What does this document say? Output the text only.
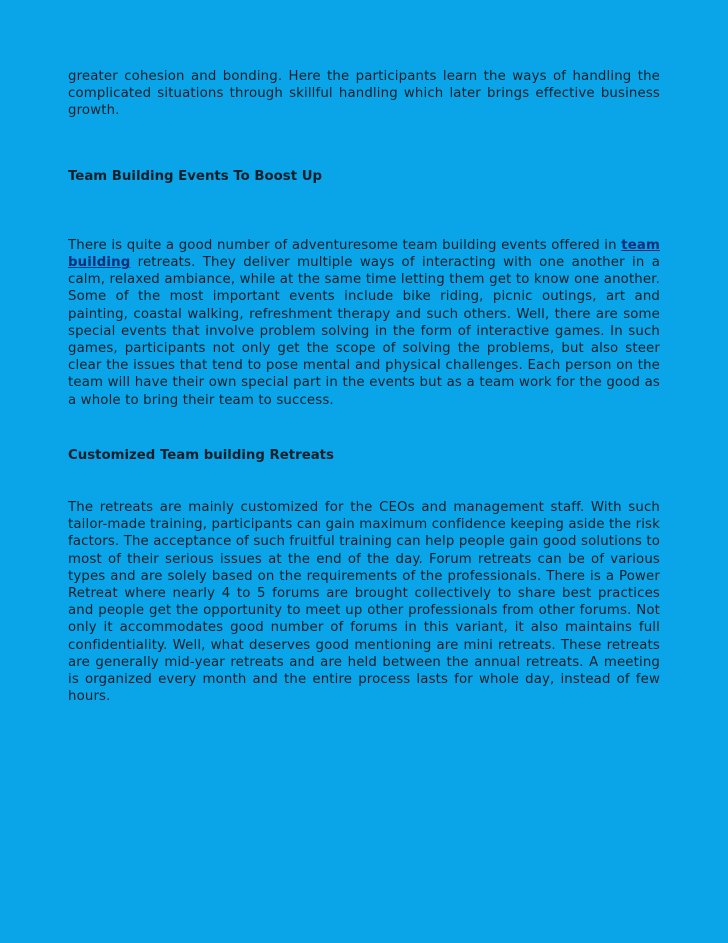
greater cohesion and bonding. Here the participants learn the ways of handling the complicated situations through skillful handling which later brings effective business growth.

Team Building Events To Boost Up

There is quite a good number of adventuresome team building events offered in team building retreats. They deliver multiple ways of interacting with one another in a calm, relaxed ambiance, while at the same time letting them get to know one another. Some of the most important events include bike riding, picnic outings, art and painting, coastal walking, refreshment therapy and such others. Well, there are some special events that involve problem solving in the form of interactive games. In such games, participants not only get the scope of solving the problems, but also steer clear the issues that tend to pose mental and physical challenges. Each person on the team will have their own special part in the events but as a team work for the good as a whole to bring their team to success.

Customized Team building Retreats

The retreats are mainly customized for the CEOs and management staff. With such tailor-made training, participants can gain maximum confidence keeping aside the risk factors. The acceptance of such fruitful training can help people gain good solutions to most of their serious issues at the end of the day. Forum retreats can be of various types and are solely based on the requirements of the professionals. There is a Power Retreat where nearly 4 to 5 forums are brought collectively to share best practices and people get the opportunity to meet up other professionals from other forums. Not only it accommodates good number of forums in this variant, it also maintains full confidentiality. Well, what deserves good mentioning are mini retreats. These retreats are generally mid-year retreats and are held between the annual retreats. A meeting is organized every month and the entire process lasts for whole day, instead of few hours.
